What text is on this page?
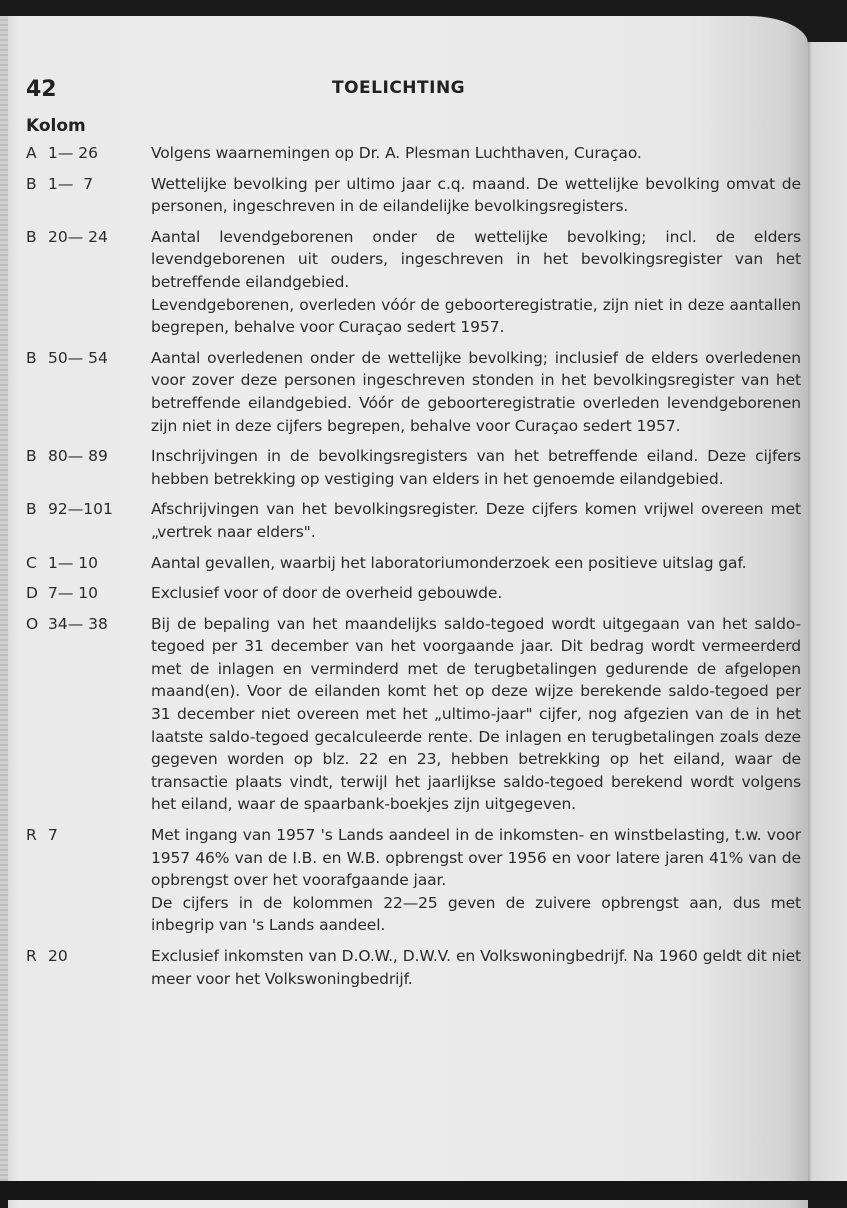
42	TOELICHTING
Kolom
A 1— 26	Volgens waarnemingen op Dr. A. Plesman Luchthaven, Curaçao.

B 1—  7	Wettelijke bevolking per ultimo jaar c.q. maand. De wettelijke bevolking omvat de personen, ingeschreven in de eilandelijke bevolkingsregisters.

B 20— 24	Aantal levendgeborenen onder de wettelijke bevolking; incl. de elders levendgeborenen uit ouders, ingeschreven in het bevolkingsregister van het betreffende eilandgebied.

Levendgeborenen, overleden vóór de geboorteregistratie, zijn niet in deze aantallen begrepen, behalve voor Curaçao sedert 1957.

B 50— 54	Aantal overledenen onder de wettelijke bevolking; inclusief de elders overledenen voor zover deze personen ingeschreven stonden in het bevolkingsregister van het betreffende eilandgebied. Vóór de geboorteregistratie overleden levendgeborenen zijn niet in deze cijfers begrepen, behalve voor Curaçao sedert 1957.

B 80— 89	Inschrijvingen in de bevolkingsregisters van het betreffende eiland. Deze cijfers hebben betrekking op vestiging van elders in het genoemde eilandgebied.

B 92—101	Afschrijvingen van het bevolkingsregister. Deze cijfers komen vrijwel overeen met „vertrek naar elders".

C 1— 10	Aantal gevallen, waarbij het laboratoriumonderzoek een positieve uitslag gaf.

D 7— 10	Exclusief voor of door de overheid gebouwde.

O 34— 38	Bij de bepaling van het maandelijks saldo-tegoed wordt uitgegaan van het saldo-tegoed per 31 december van het voorgaande jaar. Dit bedrag wordt vermeerderd met de inlagen en verminderd met de terugbetalingen gedurende de afgelopen maand(en). Voor de eilanden komt het op deze wijze berekende saldo-tegoed per 31 december niet overeen met het „ultimo-jaar" cijfer, nog afgezien van de in het laatste saldo-tegoed gecalculeerde rente. De inlagen en terugbetalingen zoals deze gegeven worden op blz. 22 en 23, hebben betrekking op het eiland, waar de transactie plaats vindt, terwijl het jaarlijkse saldo-tegoed berekend wordt volgens het eiland, waar de spaarbank-boekjes zijn uitgegeven.

R 7	Met ingang van 1957 's Lands aandeel in de inkomsten- en winstbelasting, t.w. voor 1957 46% van de I.B. en W.B. opbrengst over 1956 en voor latere jaren 41% van de opbrengst over het voorafgaande jaar.

De cijfers in de kolommen 22—25 geven de zuivere opbrengst aan, dus met inbegrip van 's Lands aandeel.

R 20	Exclusief inkomsten van D.O.W., D.W.V. en Volkswoningbedrijf. Na 1960 geldt dit niet meer voor het Volkswoningbedrijf.
